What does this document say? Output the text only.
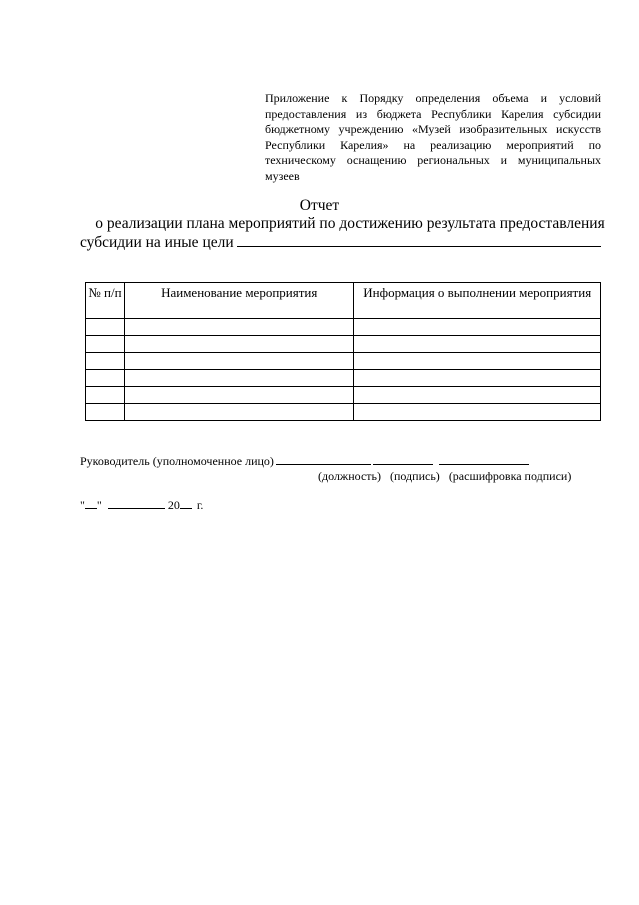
Приложение к Порядку определения объема и условий предоставления из бюджета Республики Карелия субсидии бюджетному учреждению «Музей изобразительных искусств Республики Карелия» на реализацию мероприятий по техническому оснащению региональных и муниципальных музеев
Отчет
о реализации плана мероприятий по достижению результата предоставления
субсидии на иные цели
№ п/п	Наименование мероприятия	Информация о выполнении мероприятия

Руководитель (уполномоченное лицо)
(должность) (подпись) (расшифровка подписи)
" "	20 г.
